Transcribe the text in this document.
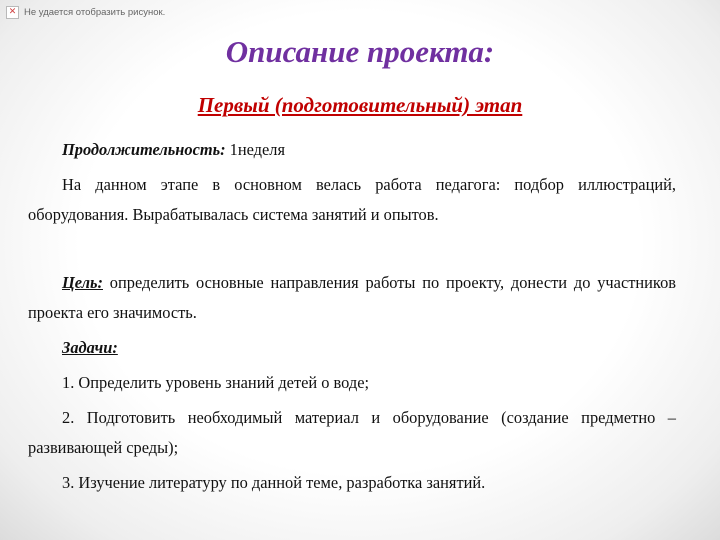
✕ Не удается отобразить рисунок.
Описание проекта:
Первый (подготовительный) этап

Продолжительность: 1неделя

На данном этапе в основном велась работа педагога: подбор иллюстраций, оборудования. Вырабатывалась система занятий и опытов.

Цель: определить основные направления работы по проекту, донести до участников проекта его значимость.

Задачи:

1. Определить уровень знаний детей о воде;

2. Подготовить необходимый материал и оборудование (создание предметно – развивающей среды);

3. Изучение литературу по данной теме, разработка занятий.
